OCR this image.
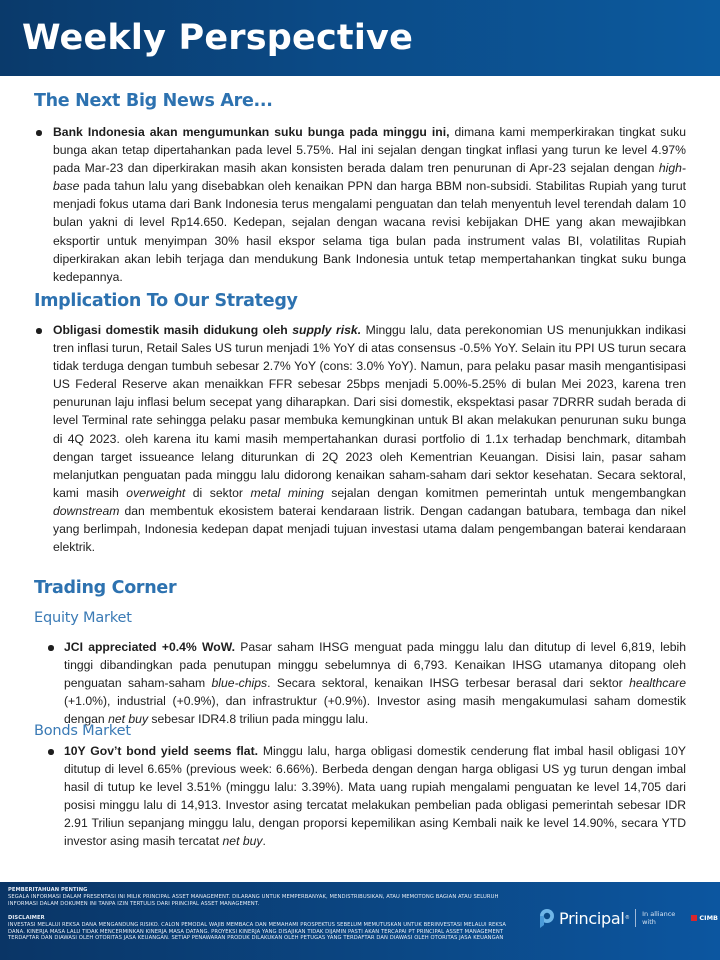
Weekly Perspective
The Next Big News Are...
Bank Indonesia akan mengumunkan suku bunga pada minggu ini, dimana kami memperkirakan tingkat suku bunga akan tetap dipertahankan pada level 5.75%. Hal ini sejalan dengan tingkat inflasi yang turun ke level 4.97% pada Mar-23 dan diperkirakan masih akan konsisten berada dalam tren penurunan di Apr-23 sejalan dengan high-base pada tahun lalu yang disebabkan oleh kenaikan PPN dan harga BBM non-subsidi. Stabilitas Rupiah yang turut menjadi fokus utama dari Bank Indonesia terus mengalami penguatan dan telah menyentuh level terendah dalam 10 bulan yakni di level Rp14.650. Kedepan, sejalan dengan wacana revisi kebijakan DHE yang akan mewajibkan eksportir untuk menyimpan 30% hasil ekspor selama tiga bulan pada instrument valas BI, volatilitas Rupiah diperkirakan akan lebih terjaga dan mendukung Bank Indonesia untuk tetap mempertahankan tingkat suku bunga kedepannya.
Implication To Our Strategy
Obligasi domestik masih didukung oleh supply risk. Minggu lalu, data perekonomian US menunjukkan indikasi tren inflasi turun, Retail Sales US turun menjadi 1% YoY di atas consensus -0.5% YoY. Selain itu PPI US turun secara tidak terduga dengan tumbuh sebesar 2.7% YoY (cons: 3.0% YoY). Namun, para pelaku pasar masih mengantisipasi US Federal Reserve akan menaikkan FFR sebesar 25bps menjadi 5.00%-5.25% di bulan Mei 2023, karena tren penurunan laju inflasi belum secepat yang diharapkan. Dari sisi domestik, ekspektasi pasar 7DRRR sudah berada di level Terminal rate sehingga pelaku pasar membuka kemungkinan untuk BI akan melakukan penurunan suku bunga di 4Q 2023. oleh karena itu kami masih mempertahankan durasi portfolio di 1.1x terhadap benchmark, ditambah dengan target issueance lelang diturunkan di 2Q 2023 oleh Kementrian Keuangan. Disisi lain, pasar saham melanjutkan penguatan pada minggu lalu didorong kenaikan saham-saham dari sektor kesehatan. Secara sektoral, kami masih overweight di sektor metal mining sejalan dengan komitmen pemerintah untuk mengembangkan downstream dan membentuk ekosistem baterai kendaraan listrik. Dengan cadangan batubara, tembaga dan nikel yang berlimpah, Indonesia kedepan dapat menjadi tujuan investasi utama dalam pengembangan baterai kendaraan elektrik.
Trading Corner
Equity Market
JCI appreciated +0.4% WoW. Pasar saham IHSG menguat pada minggu lalu dan ditutup di level 6,819, lebih tinggi dibandingkan pada penutupan minggu sebelumnya di 6,793. Kenaikan IHSG utamanya ditopang oleh penguatan saham-saham blue-chips. Secara sektoral, kenaikan IHSG terbesar berasal dari sektor healthcare (+1.0%), industrial (+0.9%), dan infrastruktur (+0.9%). Investor asing masih mengakumulasi saham domestik dengan net buy sebesar IDR4.8 triliun pada minggu lalu.
Bonds Market
10Y Gov’t bond yield seems flat. Minggu lalu, harga obligasi domestik cenderung flat imbal hasil obligasi 10Y ditutup di level 6.65% (previous week: 6.66%). Berbeda dengan dengan harga obligasi US yg turun dengan imbal hasil di tutup ke level 3.51% (minggu lalu: 3.39%). Mata uang rupiah mengalami penguatan ke level 14,705 dari posisi minggu lalu di 14,913. Investor asing tercatat melakukan pembelian pada obligasi pemerintah sebesar IDR 2.91 Triliun sepanjang minggu lalu, dengan proporsi kepemilikan asing Kembali naik ke level 14.90%, secara YTD investor asing masih tercatat net buy.
PEMBERITAHUAN PENTING
SEGALA INFORMASI DALAM PRESENTASI INI MILIK PRINCIPAL ASSET MANAGEMENT. DILARANG UNTUK MEMPERBANYAK, MENDISTRIBUSIKAN, ATAU MEMOTONG BAGIAN ATAU SELURUH INFORMASI DALAM DOKUMEN INI TANPA IZIN TERTULIS DARI PRINCIPAL ASSET MANAGEMENT.
DISCLAIMER
INVESTASI MELALUI REKSA DANA MENGANDUNG RISIKO. CALON PEMODAL WAJIB MEMBACA DAN MEMAHAMI PROSPEKTUS SEBELUM MEMUTUSKAN UNTUK BERINVESTASI MELALUI REKSA DANA. KINERJA MASA LALU TIDAK MENCERMINKAN KINERJA MASA DATANG. PROYEKSI KINERJA YANG DISAJIKAN TIDAK DIJAMIN PASTI AKAN TERCAPAI PT PRINCIPAL ASSET MANAGEMENT TERDAFTAR DAN DIAWASI OLEH OTORITAS JASA KEUANGAN. SETIAP PENAWARAN PRODUK DILAKUKAN OLEH PETUGAS YANG TERDAFTAR DAN DIAWASI OLEH OTORITAS JASA KEUANGAN
Principal ® In alliance with	CIMB
